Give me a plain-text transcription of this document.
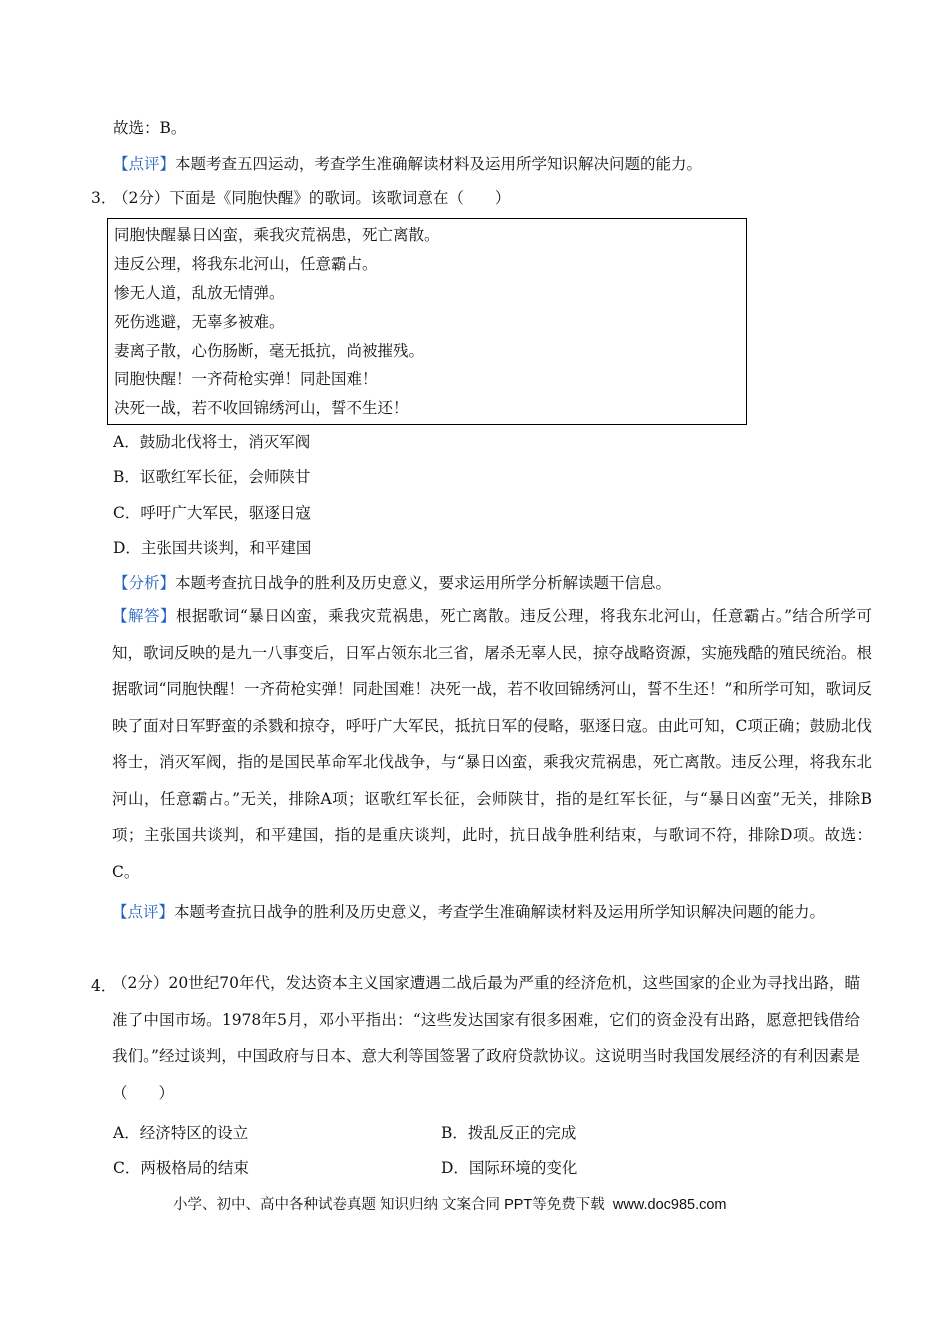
故选：B。
【点评】本题考查五四运动，考查学生准确解读材料及运用所学知识解决问题的能力。
3．
（2分）下面是《同胞快醒》的歌词。该歌词意在（　　）
同胞快醒暴日凶蛮，乘我灾荒祸患，死亡离散。
违反公理，将我东北河山，任意霸占。
惨无人道，乱放无情弹。
死伤逃避，无辜多被难。
妻离子散，心伤肠断，毫无抵抗，尚被摧残。
同胞快醒！一齐荷枪实弹！同赴国难！
决死一战，若不收回锦绣河山，誓不生还！
A．鼓励北伐将士，消灭军阀
B．讴歌红军长征，会师陕甘
C．呼吁广大军民，驱逐日寇
D．主张国共谈判，和平建国
【分析】本题考查抗日战争的胜利及历史意义，要求运用所学分析解读题干信息。
【解答】根据歌词“暴日凶蛮，乘我灾荒祸患，死亡离散。违反公理，将我东北河山，任意霸占。”结合所学可知，歌词反映的是九一八事变后，日军占领东北三省，屠杀无辜人民，掠夺战略资源，实施残酷的殖民统治。根据歌词“同胞快醒！一齐荷枪实弹！同赴国难！决死一战，若不收回锦绣河山，誓不生还！”和所学可知，歌词反映了面对日军野蛮的杀戮和掠夺，呼吁广大军民，抵抗日军的侵略，驱逐日寇。由此可知，C项正确；鼓励北伐将士，消灭军阀，指的是国民革命军北伐战争，与“暴日凶蛮，乘我灾荒祸患，死亡离散。违反公理，将我东北河山，任意霸占。”无关，排除A项；讴歌红军长征，会师陕甘，指的是红军长征，与“暴日凶蛮”无关，排除B项；主张国共谈判，和平建国，指的是重庆谈判，此时，抗日战争胜利结束，与歌词不符，排除D项。故选：C。
【点评】本题考查抗日战争的胜利及历史意义，考查学生准确解读材料及运用所学知识解决问题的能力。
4．
（2分）20世纪70年代，发达资本主义国家遭遇二战后最为严重的经济危机，这些国家的企业为寻找出路，瞄准了中国市场。1978年5月，邓小平指出：“这些发达国家有很多困难，它们的资金没有出路，愿意把钱借给我们。”经过谈判，中国政府与日本、意大利等国签署了政府贷款协议。这说明当时我国发展经济的有利因素是（　　）
A．经济特区的设立	B．拨乱反正的完成
C．两极格局的结束	D．国际环境的变化
小学、初中、高中各种试卷真题 知识归纳 文案合同 PPT等免费下载 www.doc985.com
